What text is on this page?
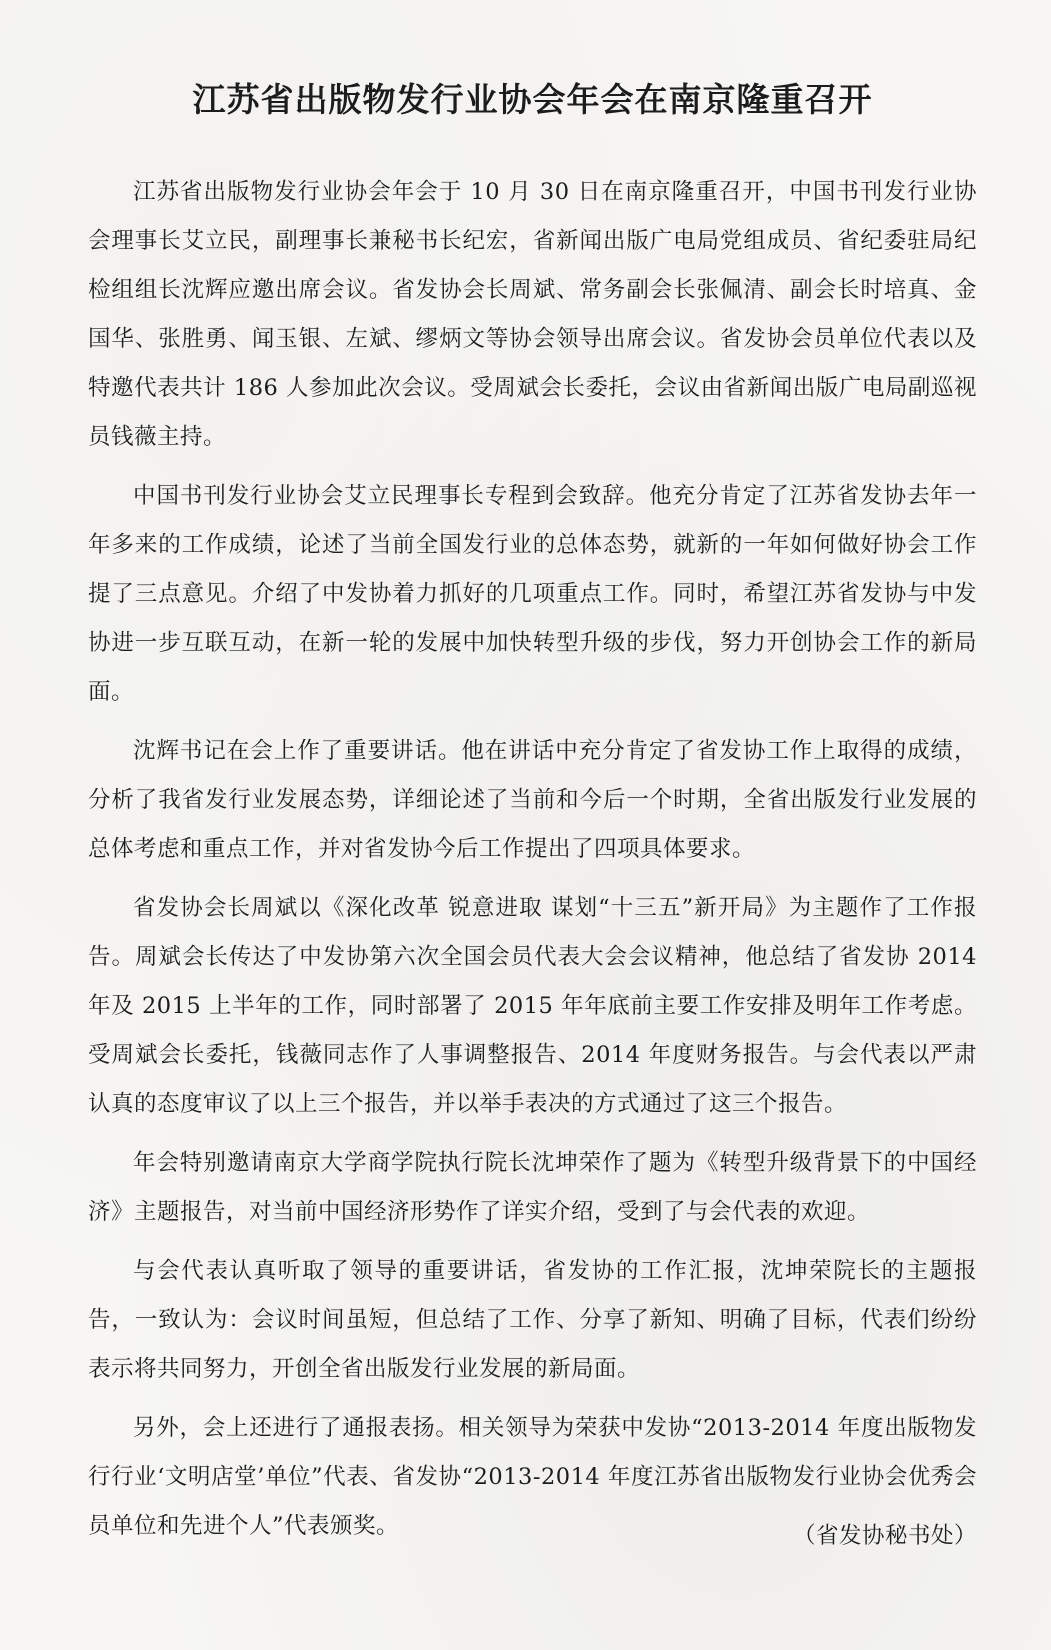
江苏省出版物发行业协会年会在南京隆重召开

江苏省出版物发行业协会年会于 10 月 30 日在南京隆重召开，中国书刊发行业协会理事长艾立民，副理事长兼秘书长纪宏，省新闻出版广电局党组成员、省纪委驻局纪检组组长沈辉应邀出席会议。省发协会长周斌、常务副会长张佩清、副会长时培真、金国华、张胜勇、闻玉银、左斌、缪炳文等协会领导出席会议。省发协会员单位代表以及特邀代表共计 186 人参加此次会议。受周斌会长委托，会议由省新闻出版广电局副巡视员钱薇主持。

中国书刊发行业协会艾立民理事长专程到会致辞。他充分肯定了江苏省发协去年一年多来的工作成绩，论述了当前全国发行业的总体态势，就新的一年如何做好协会工作提了三点意见。介绍了中发协着力抓好的几项重点工作。同时，希望江苏省发协与中发协进一步互联互动，在新一轮的发展中加快转型升级的步伐，努力开创协会工作的新局面。

沈辉书记在会上作了重要讲话。他在讲话中充分肯定了省发协工作上取得的成绩，分析了我省发行业发展态势，详细论述了当前和今后一个时期，全省出版发行业发展的总体考虑和重点工作，并对省发协今后工作提出了四项具体要求。

省发协会长周斌以《深化改革 锐意进取 谋划“十三五”新开局》为主题作了工作报告。周斌会长传达了中发协第六次全国会员代表大会会议精神，他总结了省发协 2014 年及 2015 上半年的工作，同时部署了 2015 年年底前主要工作安排及明年工作考虑。受周斌会长委托，钱薇同志作了人事调整报告、2014 年度财务报告。与会代表以严肃认真的态度审议了以上三个报告，并以举手表决的方式通过了这三个报告。

年会特别邀请南京大学商学院执行院长沈坤荣作了题为《转型升级背景下的中国经济》主题报告，对当前中国经济形势作了详实介绍，受到了与会代表的欢迎。

与会代表认真听取了领导的重要讲话，省发协的工作汇报，沈坤荣院长的主题报告，一致认为：会议时间虽短，但总结了工作、分享了新知、明确了目标，代表们纷纷表示将共同努力，开创全省出版发行业发展的新局面。

另外，会上还进行了通报表扬。相关领导为荣获中发协“2013-2014 年度出版物发行行业‘文明店堂’单位”代表、省发协“2013-2014 年度江苏省出版物发行业协会优秀会员单位和先进个人”代表颁奖。	（省发协秘书处）
